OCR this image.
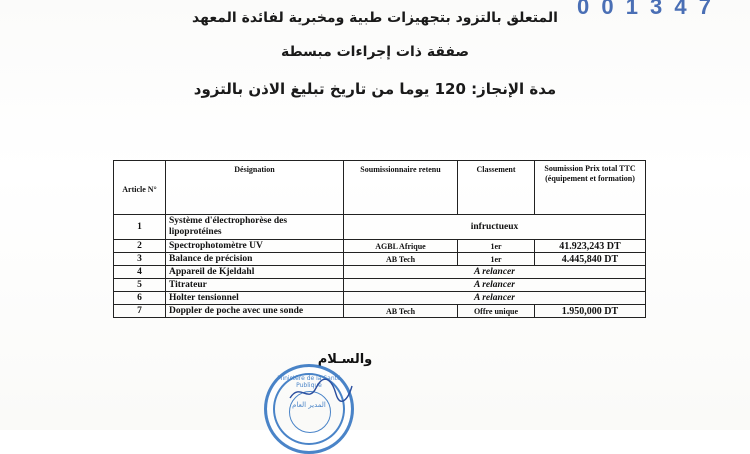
0 0 1 3 4 7
المتعلق بالتزود بتجهيزات طبية ومخبرية لفائدة المعهد
صفقة ذات إجراءات مبسطة
مدة الإنجاز: 120 يوما من تاريخ تبليغ الاذن بالتزود
Article N°	Désignation	Soumissionnaire retenu	Classement	Soumission Prix total TTC (équipement et formation)
1	Système d'électrophorèse des lipoprotéines	infructueux		
2	Spectrophotomètre UV	AGBL Afrique	1er	41.923,243 DT
3	Balance de précision	AB Tech	1er	4.445,840 DT
4	Appareil de Kjeldahl	A relancer		
5	Titrateur	A relancer		
6	Holter tensionnel	A relancer		
7	Doppler de poche avec une sonde	AB Tech	Offre unique	1.950,000 DT
والسـلام
Ministère de la Santé Publique
المدير العام
